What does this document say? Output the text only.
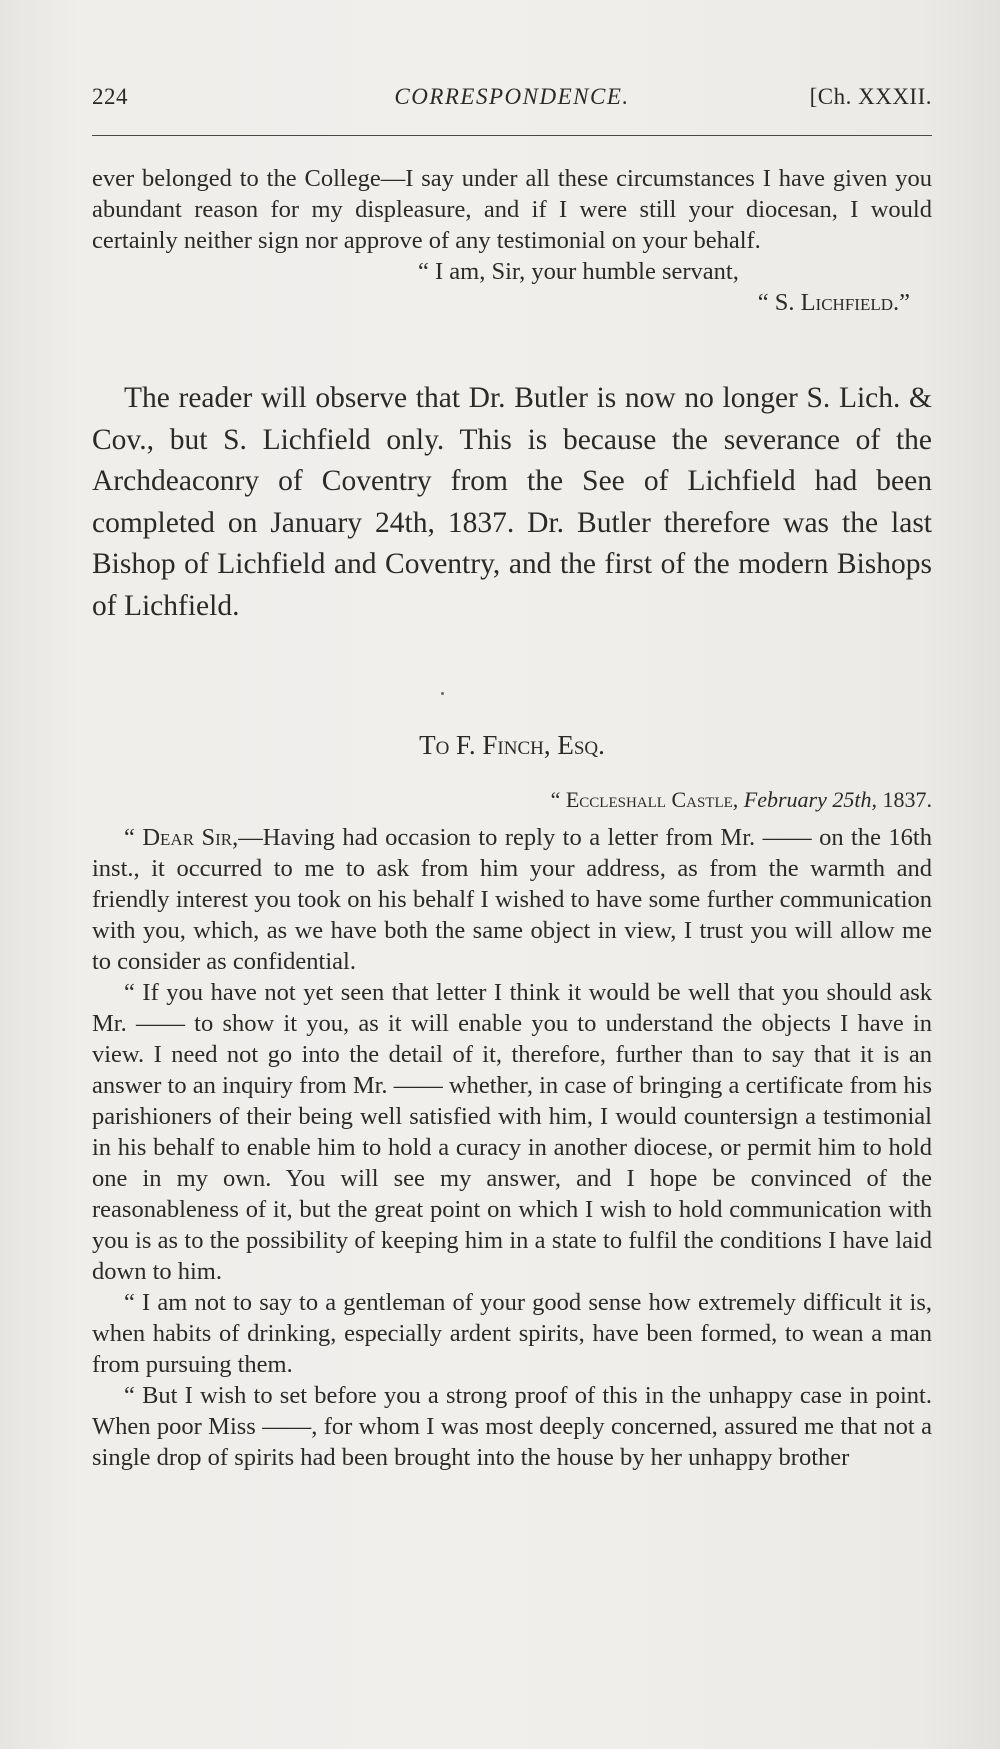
224	CORRESPONDENCE.	[Ch. XXXII.

ever belonged to the College—I say under all these circumstances I have given you abundant reason for my displeasure, and if I were still your diocesan, I would certainly neither sign nor approve of any testimonial on your behalf.

“ I am, Sir, your humble servant,

“ S. Lichfield.”

The reader will observe that Dr. Butler is now no longer S. Lich. & Cov., but S. Lichfield only. This is because the severance of the Archdeaconry of Coventry from the See of Lichfield had been completed on January 24th, 1837. Dr. Butler therefore was the last Bishop of Lichfield and Coventry, and the first of the modern Bishops of Lichfield.

To F. Finch, Esq.
“ Eccleshall Castle, February 25th, 1837.

“ Dear Sir,—Having had occasion to reply to a letter from Mr. —— on the 16th inst., it occurred to me to ask from him your address, as from the warmth and friendly interest you took on his behalf I wished to have some further communication with you, which, as we have both the same object in view, I trust you will allow me to consider as confidential.

“ If you have not yet seen that letter I think it would be well that you should ask Mr. —— to show it you, as it will enable you to understand the objects I have in view. I need not go into the detail of it, therefore, further than to say that it is an answer to an inquiry from Mr. —— whether, in case of bringing a certificate from his parishioners of their being well satisfied with him, I would countersign a testimonial in his behalf to enable him to hold a curacy in another diocese, or permit him to hold one in my own. You will see my answer, and I hope be convinced of the reasonableness of it, but the great point on which I wish to hold communication with you is as to the possibility of keeping him in a state to fulfil the conditions I have laid down to him.

“ I am not to say to a gentleman of your good sense how extremely difficult it is, when habits of drinking, especially ardent spirits, have been formed, to wean a man from pursuing them.

“ But I wish to set before you a strong proof of this in the unhappy case in point. When poor Miss ——, for whom I was most deeply concerned, assured me that not a single drop of spirits had been brought into the house by her unhappy brother
